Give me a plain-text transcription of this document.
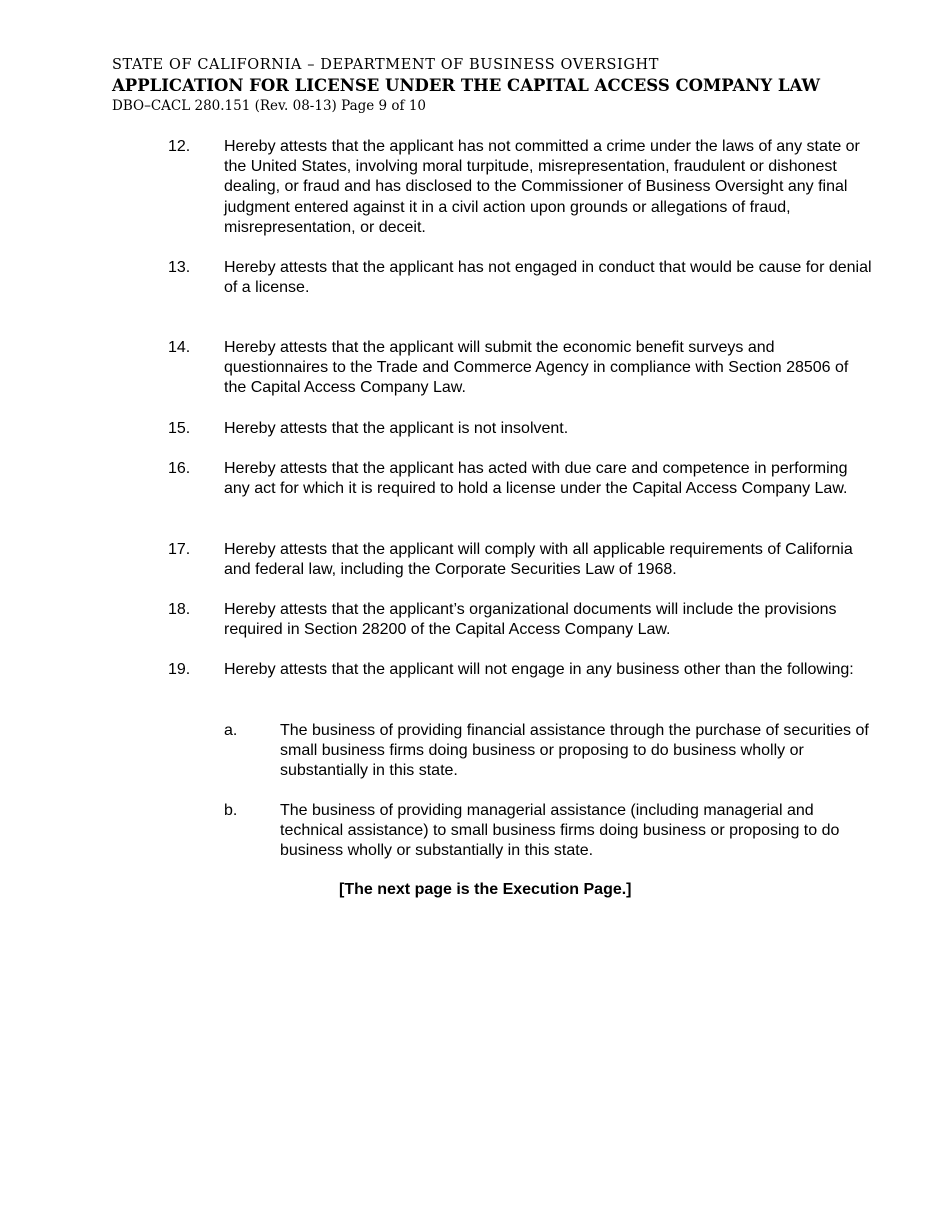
STATE OF CALIFORNIA – DEPARTMENT OF BUSINESS OVERSIGHT
APPLICATION FOR LICENSE UNDER THE CAPITAL ACCESS COMPANY LAW
DBO–CACL 280.151 (Rev. 08-13) Page 9 of 10
12. Hereby attests that the applicant has not committed a crime under the laws of any state or the United States, involving moral turpitude, misrepresentation, fraudulent or dishonest dealing, or fraud and has disclosed to the Commissioner of Business Oversight any final judgment entered against it in a civil action upon grounds or allegations of fraud, misrepresentation, or deceit.
13. Hereby attests that the applicant has not engaged in conduct that would be cause for denial of a license.
14. Hereby attests that the applicant will submit the economic benefit surveys and questionnaires to the Trade and Commerce Agency in compliance with Section 28506 of the Capital Access Company Law.
15. Hereby attests that the applicant is not insolvent.
16. Hereby attests that the applicant has acted with due care and competence in performing any act for which it is required to hold a license under the Capital Access Company Law.
17. Hereby attests that the applicant will comply with all applicable requirements of California and federal law, including the Corporate Securities Law of 1968.
18. Hereby attests that the applicant’s organizational documents will include the provisions required in Section 28200 of the Capital Access Company Law.
19. Hereby attests that the applicant will not engage in any business other than the following:
a.	The business of providing financial assistance through the purchase of securities of small business firms doing business or proposing to do business wholly or substantially in this state.
b.	The business of providing managerial assistance (including managerial and technical assistance) to small business firms doing business or proposing to do business wholly or substantially in this state.
[The next page is the Execution Page.]
